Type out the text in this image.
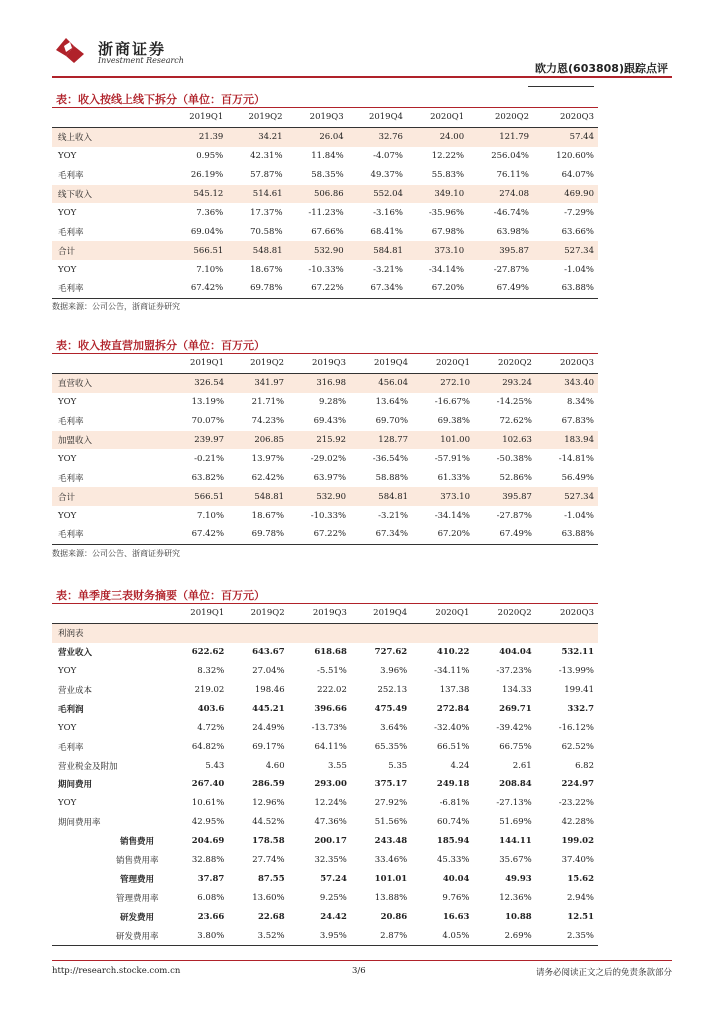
浙商证券
Investment Research
欧力恩(603808)跟踪点评
表：收入按线上线下拆分（单位：百万元）
	2019Q1	2019Q2	2019Q3	2019Q4	2020Q1	2020Q2	2020Q3
线上收入	21.39	34.21	26.04	32.76	24.00	121.79	57.44
YOY	0.95%	42.31%	11.84%	-4.07%	12.22%	256.04%	120.60%
毛利率	26.19%	57.87%	58.35%	49.37%	55.83%	76.11%	64.07%
线下收入	545.12	514.61	506.86	552.04	349.10	274.08	469.90
YOY	7.36%	17.37%	-11.23%	-3.16%	-35.96%	-46.74%	-7.29%
毛利率	69.04%	70.58%	67.66%	68.41%	67.98%	63.98%	63.66%
合计	566.51	548.81	532.90	584.81	373.10	395.87	527.34
YOY	7.10%	18.67%	-10.33%	-3.21%	-34.14%	-27.87%	-1.04%
毛利率	67.42%	69.78%	67.22%	67.34%	67.20%	67.49%	63.88%
数据来源：公司公告，浙商证券研究
表：收入按直营加盟拆分（单位：百万元）
	2019Q1	2019Q2	2019Q3	2019Q4	2020Q1	2020Q2	2020Q3
直营收入	326.54	341.97	316.98	456.04	272.10	293.24	343.40
YOY	13.19%	21.71%	9.28%	13.64%	-16.67%	-14.25%	8.34%
毛利率	70.07%	74.23%	69.43%	69.70%	69.38%	72.62%	67.83%
加盟收入	239.97	206.85	215.92	128.77	101.00	102.63	183.94
YOY	-0.21%	13.97%	-29.02%	-36.54%	-57.91%	-50.38%	-14.81%
毛利率	63.82%	62.42%	63.97%	58.88%	61.33%	52.86%	56.49%
合计	566.51	548.81	532.90	584.81	373.10	395.87	527.34
YOY	7.10%	18.67%	-10.33%	-3.21%	-34.14%	-27.87%	-1.04%
毛利率	67.42%	69.78%	67.22%	67.34%	67.20%	67.49%	63.88%
数据来源：公司公告、浙商证券研究
表：单季度三表财务摘要（单位：百万元）
	2019Q1	2019Q2	2019Q3	2019Q4	2020Q1	2020Q2	2020Q3
利润表							
营业收入	622.62	643.67	618.68	727.62	410.22	404.04	532.11
YOY	8.32%	27.04%	-5.51%	3.96%	-34.11%	-37.23%	-13.99%
营业成本	219.02	198.46	222.02	252.13	137.38	134.33	199.41
毛利润	403.6	445.21	396.66	475.49	272.84	269.71	332.7
YOY	4.72%	24.49%	-13.73%	3.64%	-32.40%	-39.42%	-16.12%
毛利率	64.82%	69.17%	64.11%	65.35%	66.51%	66.75%	62.52%
营业税金及附加	5.43	4.60	3.55	5.35	4.24	2.61	6.82
期间费用	267.40	286.59	293.00	375.17	249.18	208.84	224.97
YOY	10.61%	12.96%	12.24%	27.92%	-6.81%	-27.13%	-23.22%
期间费用率	42.95%	44.52%	47.36%	51.56%	60.74%	51.69%	42.28%
销售费用	204.69	178.58	200.17	243.48	185.94	144.11	199.02
销售费用率	32.88%	27.74%	32.35%	33.46%	45.33%	35.67%	37.40%
管理费用	37.87	87.55	57.24	101.01	40.04	49.93	15.62
管理费用率	6.08%	13.60%	9.25%	13.88%	9.76%	12.36%	2.94%
研发费用	23.66	22.68	24.42	20.86	16.63	10.88	12.51
研发费用率	3.80%	3.52%	3.95%	2.87%	4.05%	2.69%	2.35%
http://research.stocke.com.cn	3/6	请务必阅读正文之后的免责条款部分
